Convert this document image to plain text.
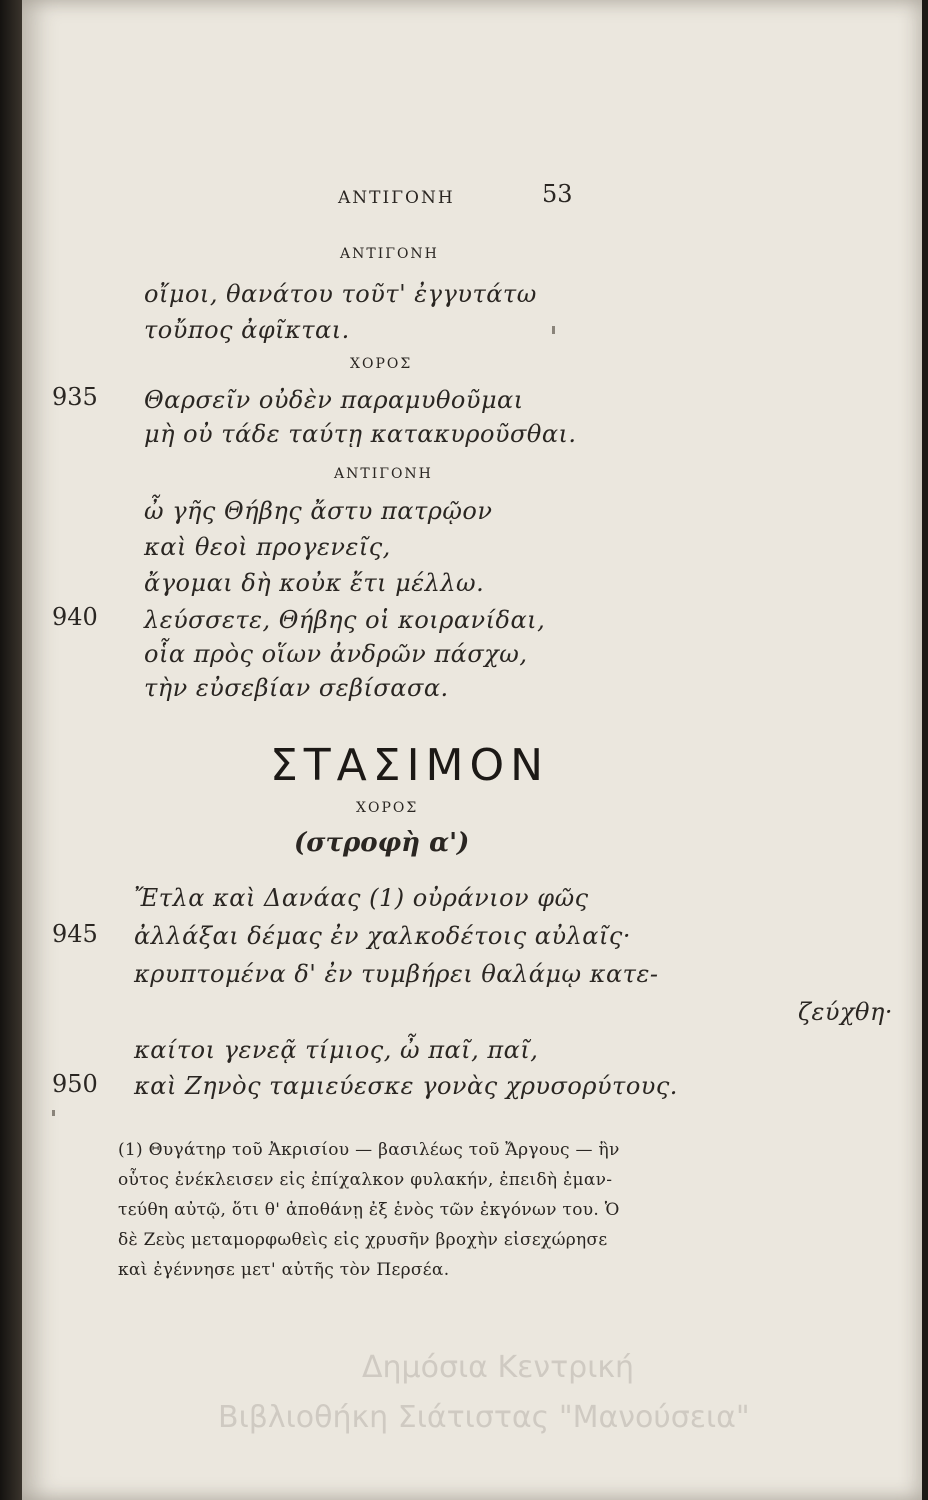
ΑΝΤΙΓΟΝΗ	53
ΑΝΤΙΓΟΝΗ
οἴμοι, θανάτου τοῦτ' ἐγγυτάτω
τοὔπος ἀφῖκται.
ΧΟΡΟΣ
935 Θαρσεῖν οὐδὲν παραμυθοῦμαι
μὴ οὐ τάδε ταύτῃ κατακυροῦσθαι.
ΑΝΤΙΓΟΝΗ
ὦ γῆς Θήβης ἄστυ πατρῷον
καὶ θεοὶ προγενεῖς,
ἄγομαι δὴ κοὐκ ἔτι μέλλω.
940 λεύσσετε, Θήβης οἱ κοιρανίδαι,
οἷα πρὸς οἵων ἀνδρῶν πάσχω,
τὴν εὐσεβίαν σεβίσασα.
ΣΤΑΣΙΜΟΝ
ΧΟΡΟΣ
(στροφὴ α')
Ἔτλα καὶ Δανάας (1) οὐράνιον φῶς
945 ἀλλάξαι δέμας ἐν χαλκοδέτοις αὐλαῖς·
κρυπτομένα δ' ἐν τυμβήρει θαλάμῳ κατε-
ζεύχθη·
καίτοι γενεᾷ τίμιος, ὦ παῖ, παῖ,
950 καὶ Ζηνὸς ταμιεύεσκε γονὰς χρυσορύτους.
(1) Θυγάτηρ τοῦ Ἀκρισίου — βασιλέως τοῦ Ἄργους — ἣν
οὗτος ἐνέκλεισεν εἰς ἐπίχαλκον φυλακήν, ἐπειδὴ ἐμαν-
τεύθη αὐτῷ, ὅτι θ' ἀποθάνῃ ἐξ ἑνὸς τῶν ἐκγόνων του. Ὁ
δὲ Ζεὺς μεταμορφωθεὶς εἰς χρυσῆν βροχὴν εἰσεχώρησε
καὶ ἐγέννησε μετ' αὐτῆς τὸν Περσέα.
Δημόσια Κεντρική
Βιβλιοθήκη Σιάτιστας "Μανούσεια"
